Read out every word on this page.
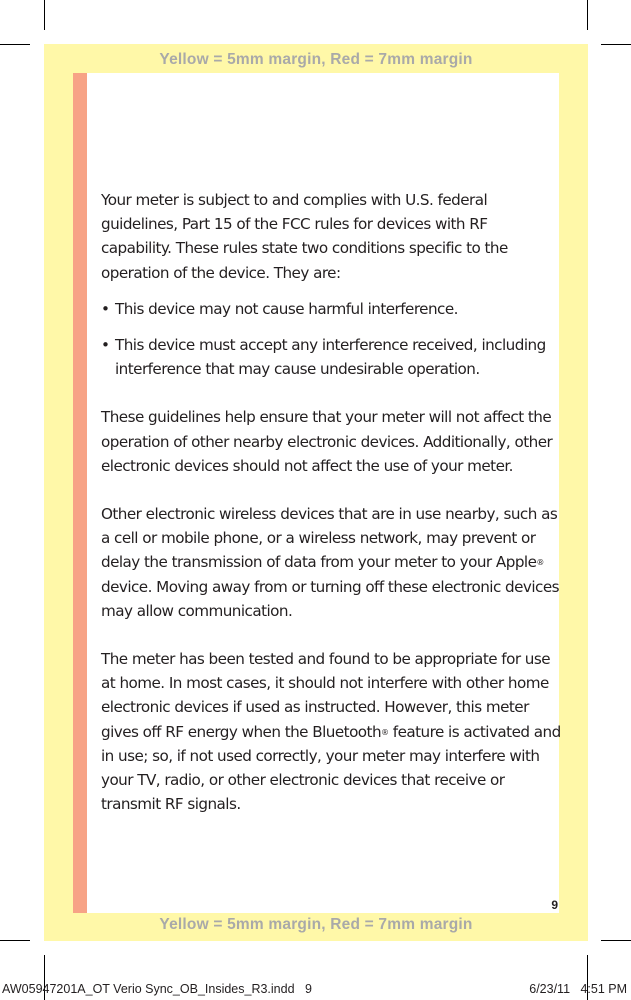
Yellow = 5mm margin, Red = 7mm margin
Yellow = 5mm margin, Red = 7mm margin

Your meter is subject to and complies with U.S. federal guidelines, Part 15 of the FCC rules for devices with RF capability. These rules state two conditions specific to the operation of the device. They are:

• This device may not cause harmful interference.
• This device must accept any interference received, including interference that may cause undesirable operation.

These guidelines help ensure that your meter will not affect the operation of other nearby electronic devices. Additionally, other electronic devices should not affect the use of your meter.

Other electronic wireless devices that are in use nearby, such as a cell or mobile phone, or a wireless network, may prevent or delay the transmission of data from your meter to your Apple® device. Moving away from or turning off these electronic devices may allow communication.

The meter has been tested and found to be appropriate for use at home. In most cases, it should not interfere with other home electronic devices if used as instructed. However, this meter gives off RF energy when the Bluetooth® feature is activated and in use; so, if not used correctly, your meter may interfere with your TV, radio, or other electronic devices that receive or transmit RF signals.

9
AW05947201A_OT Verio Sync_OB_Insides_R3.indd   9	6/23/11   4:51 PM
